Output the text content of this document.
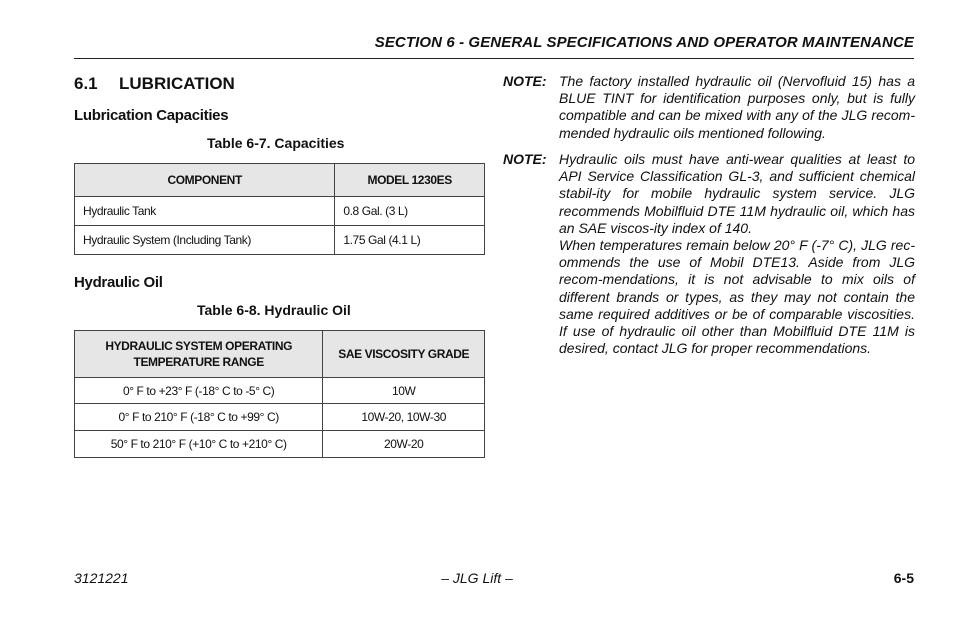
SECTION 6 - GENERAL SPECIFICATIONS AND OPERATOR MAINTENANCE
6.1 LUBRICATION
Lubrication Capacities
Table 6-7. Capacities
COMPONENT	MODEL 1230ES
Hydraulic Tank	0.8 Gal. (3 L)
Hydraulic System (Including Tank)	1.75 Gal (4.1 L)
Hydraulic Oil
Table 6-8. Hydraulic Oil
HYDRAULIC SYSTEM OPERATING TEMPERATURE RANGE	SAE VISCOSITY GRADE
0° F to +23° F (-18° C to -5° C)	10W
0° F to 210° F (-18° C to +99° C)	10W-20, 10W-30
50° F to 210° F (+10° C to +210° C)	20W-20
NOTE: The factory installed hydraulic oil (Nervofluid 15) has a BLUE TINT for identification purposes only, but is fully compatible and can be mixed with any of the JLG recom-mended hydraulic oils mentioned following.

NOTE: Hydraulic oils must have anti-wear qualities at least to API Service Classification GL-3, and sufficient chemical stabil-ity for mobile hydraulic system service. JLG recommends Mobilfluid DTE 11M hydraulic oil, which has an SAE viscos-ity index of 140.

When temperatures remain below 20° F (-7° C), JLG rec-ommends the use of Mobil DTE13. Aside from JLG recom-mendations, it is not advisable to mix oils of different brands or types, as they may not contain the same required additives or be of comparable viscosities. If use of hydraulic oil other than Mobilfluid DTE 11M is desired, contact JLG for proper recommendations.

3121221	– JLG Lift –	6-5
